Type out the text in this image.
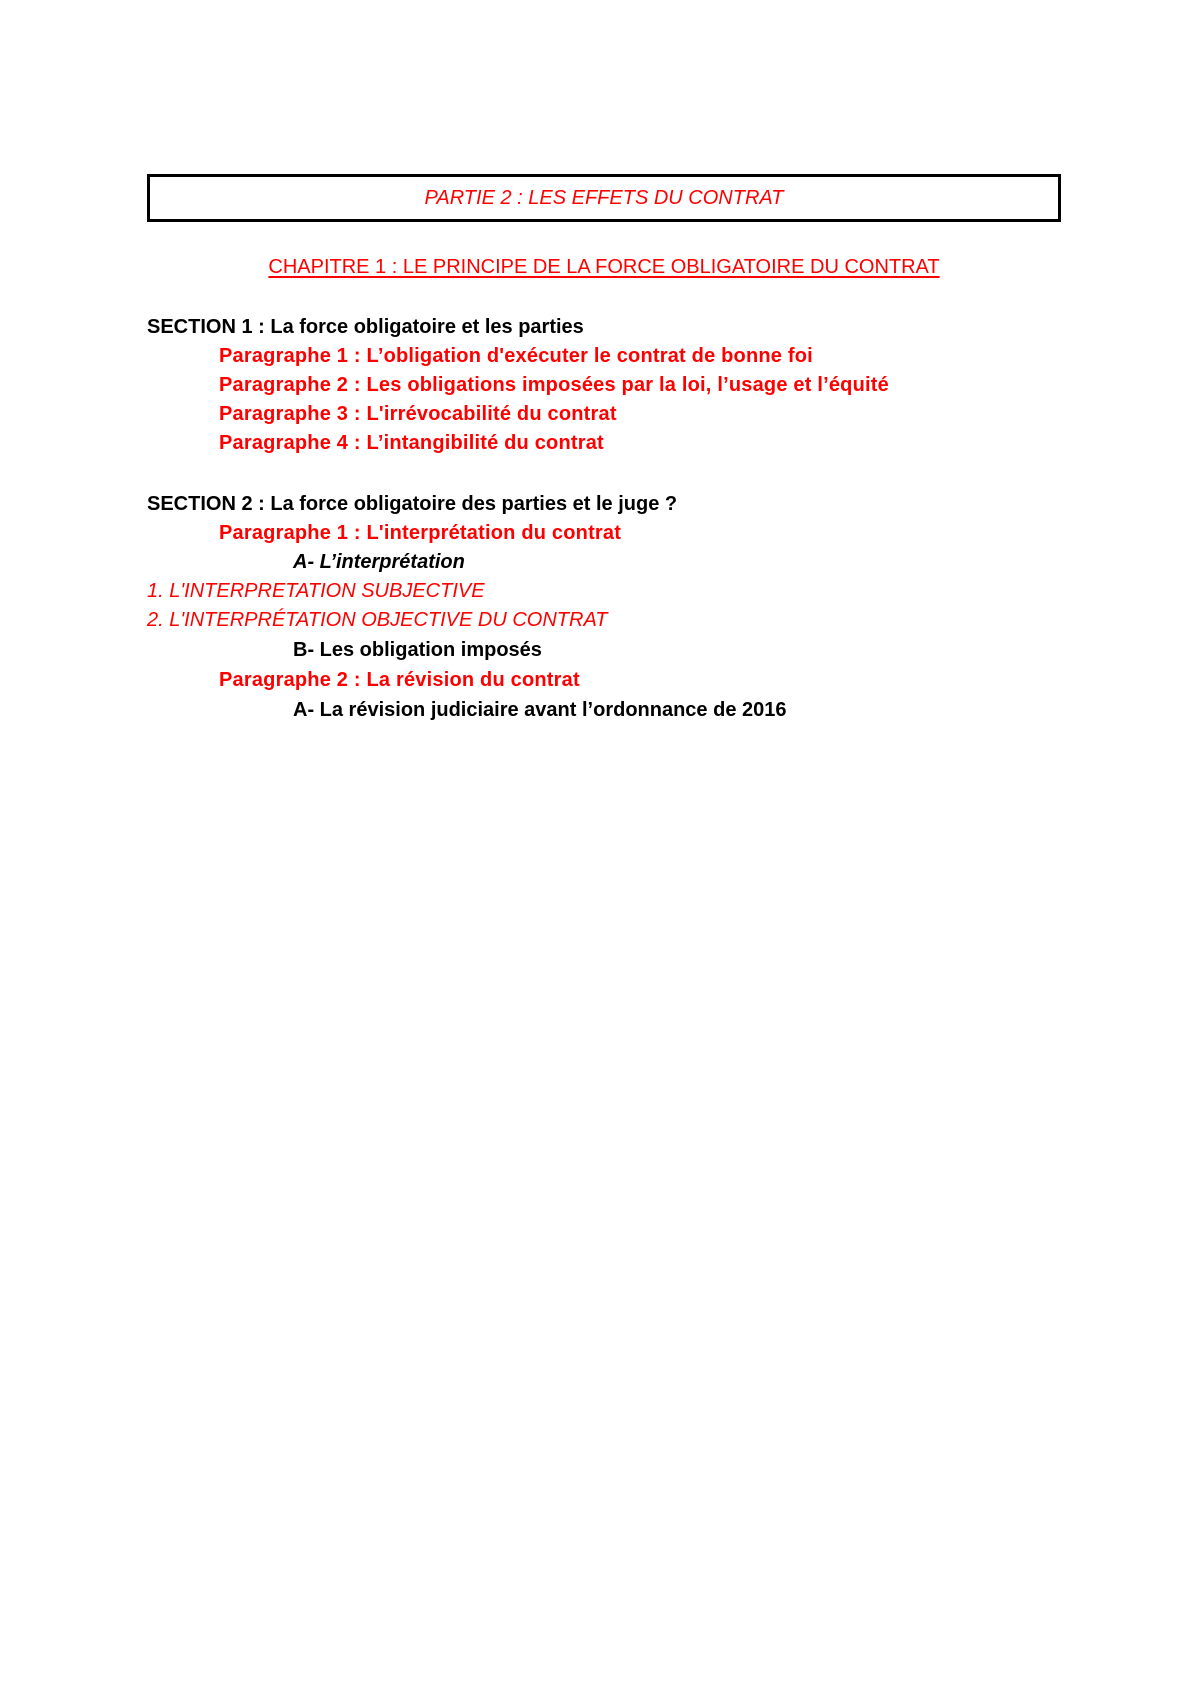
PARTIE 2 : LES EFFETS DU CONTRAT
CHAPITRE 1 : LE PRINCIPE DE LA FORCE OBLIGATOIRE DU CONTRAT
SECTION 1 : La force obligatoire et les parties
Paragraphe 1 : L’obligation d'exécuter le contrat de bonne foi
Paragraphe 2 : Les obligations imposées par la loi, l’usage et l’équité
Paragraphe 3 : L'irrévocabilité du contrat
Paragraphe 4 : L’intangibilité du contrat
SECTION 2 : La force obligatoire des parties et le juge ?
Paragraphe 1 : L'interprétation du contrat
A- L’interprétation
1. L'INTERPRETATION SUBJECTIVE
2. L'INTERPRÉTATION OBJECTIVE DU CONTRAT
B- Les obligation imposés
Paragraphe 2 : La révision du contrat
A- La révision judiciaire avant l’ordonnance de 2016
